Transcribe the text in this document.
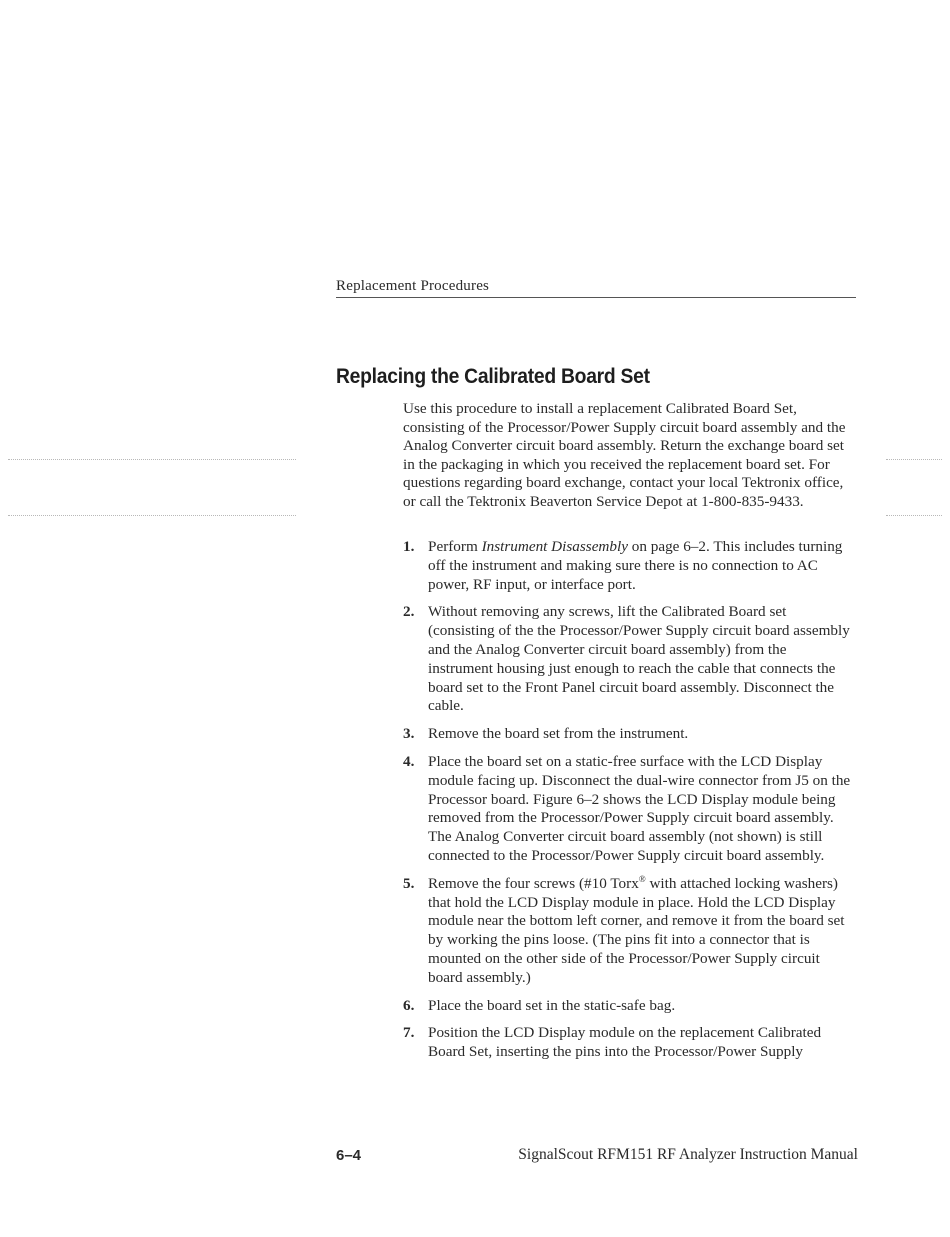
Replacement Procedures
Replacing the Calibrated Board Set

Use this procedure to install a replacement Calibrated Board Set, consisting of the Processor/Power Supply circuit board assembly and the Analog Converter circuit board assembly. Return the exchange board set in the packaging in which you received the replacement board set. For questions regarding board exchange, contact your local Tektronix office, or call the Tektronix Beaverton Service Depot at 1-800-835-9433.

1. Perform Instrument Disassembly on page 6–2. This includes turning off the instrument and making sure there is no connection to AC power, RF input, or interface port.
2. Without removing any screws, lift the Calibrated Board set (consisting of the the Processor/Power Supply circuit board assembly and the Analog Converter circuit board assembly) from the instrument housing just enough to reach the cable that connects the board set to the Front Panel circuit board assembly. Disconnect the cable.
3. Remove the board set from the instrument.
4. Place the board set on a static-free surface with the LCD Display module facing up. Disconnect the dual-wire connector from J5 on the Processor board. Figure 6–2 shows the LCD Display module being removed from the Processor/Power Supply circuit board assembly. The Analog Converter circuit board assembly (not shown) is still connected to the Processor/Power Supply circuit board assembly.
5. Remove the four screws (#10 Torx® with attached locking washers) that hold the LCD Display module in place. Hold the LCD Display module near the bottom left corner, and remove it from the board set by working the pins loose. (The pins fit into a connector that is mounted on the other side of the Processor/Power Supply circuit board assembly.)
6. Place the board set in the static-safe bag.
7. Position the LCD Display module on the replacement Calibrated Board Set, inserting the pins into the Processor/Power Supply
6–4	SignalScout RFM151 RF Analyzer Instruction Manual
